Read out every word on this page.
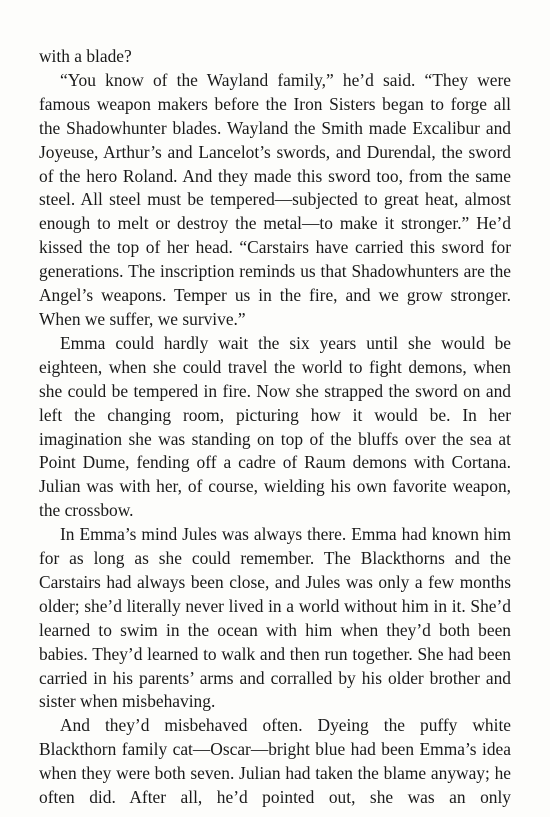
with a blade?

“You know of the Wayland family,” he’d said. “They were famous weapon makers before the Iron Sisters began to forge all the Shadowhunter blades. Wayland the Smith made Excalibur and Joyeuse, Arthur’s and Lancelot’s swords, and Durendal, the sword of the hero Roland. And they made this sword too, from the same steel. All steel must be tempered—subjected to great heat, almost enough to melt or destroy the metal—to make it stronger.” He’d kissed the top of her head. “Carstairs have carried this sword for generations. The inscription reminds us that Shadowhunters are the Angel’s weapons. Temper us in the fire, and we grow stronger. When we suffer, we survive.”

Emma could hardly wait the six years until she would be eighteen, when she could travel the world to fight demons, when she could be tempered in fire. Now she strapped the sword on and left the changing room, picturing how it would be. In her imagination she was standing on top of the bluffs over the sea at Point Dume, fending off a cadre of Raum demons with Cortana. Julian was with her, of course, wielding his own favorite weapon, the crossbow.

In Emma’s mind Jules was always there. Emma had known him for as long as she could remember. The Blackthorns and the Carstairs had always been close, and Jules was only a few months older; she’d literally never lived in a world without him in it. She’d learned to swim in the ocean with him when they’d both been babies. They’d learned to walk and then run together. She had been carried in his parents’ arms and corralled by his older brother and sister when misbehaving.

And they’d misbehaved often. Dyeing the puffy white Blackthorn family cat—Oscar—bright blue had been Emma’s idea when they were both seven. Julian had taken the blame anyway; he often did. After all, he’d pointed out, she was an only
